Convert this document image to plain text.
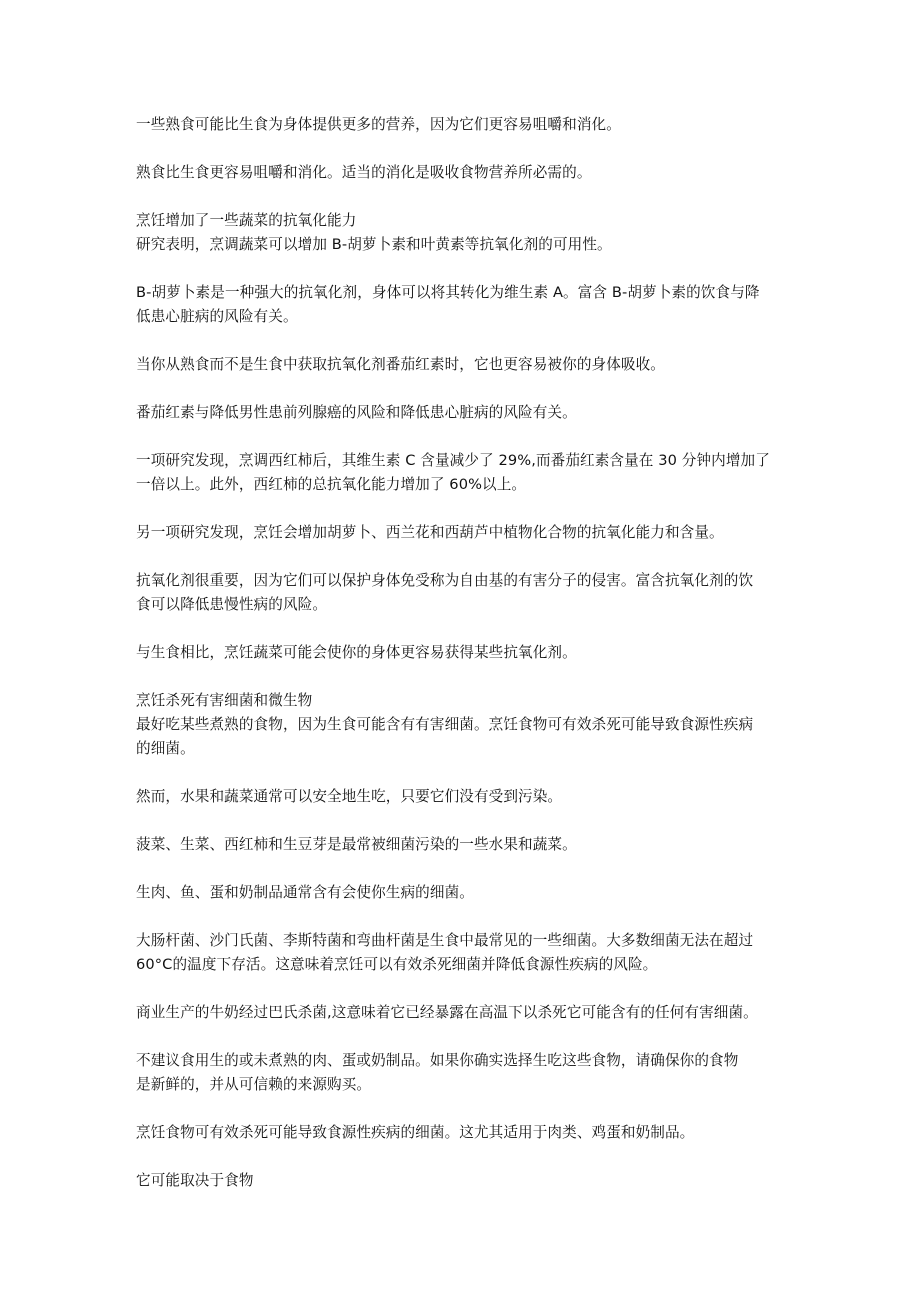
一些熟食可能比生食为身体提供更多的营养，因为它们更容易咀嚼和消化。

熟食比生食更容易咀嚼和消化。适当的消化是吸收食物营养所必需的。

烹饪增加了一些蔬菜的抗氧化能力
研究表明，烹调蔬菜可以增加 B-胡萝卜素和叶黄素等抗氧化剂的可用性。

B-胡萝卜素是一种强大的抗氧化剂，身体可以将其转化为维生素 A。富含 B-胡萝卜素的饮食与降
低患心脏病的风险有关。

当你从熟食而不是生食中获取抗氧化剂番茄红素时，它也更容易被你的身体吸收。

番茄红素与降低男性患前列腺癌的风险和降低患心脏病的风险有关。

一项研究发现，烹调西红柿后，其维生素 C 含量减少了 29%,而番茄红素含量在 30 分钟内增加了
一倍以上。此外，西红柿的总抗氧化能力增加了 60%以上。

另一项研究发现，烹饪会增加胡萝卜、西兰花和西葫芦中植物化合物的抗氧化能力和含量。

抗氧化剂很重要，因为它们可以保护身体免受称为自由基的有害分子的侵害。富含抗氧化剂的饮
食可以降低患慢性病的风险。

与生食相比，烹饪蔬菜可能会使你的身体更容易获得某些抗氧化剂。

烹饪杀死有害细菌和微生物
最好吃某些煮熟的食物，因为生食可能含有有害细菌。烹饪食物可有效杀死可能导致食源性疾病
的细菌。

然而，水果和蔬菜通常可以安全地生吃，只要它们没有受到污染。

菠菜、生菜、西红柿和生豆芽是最常被细菌污染的一些水果和蔬菜。

生肉、鱼、蛋和奶制品通常含有会使你生病的细菌。

大肠杆菌、沙门氏菌、李斯特菌和弯曲杆菌是生食中最常见的一些细菌。大多数细菌无法在超过
60°C的温度下存活。这意味着烹饪可以有效杀死细菌并降低食源性疾病的风险。

商业生产的牛奶经过巴氏杀菌,这意味着它已经暴露在高温下以杀死它可能含有的任何有害细菌。

不建议食用生的或未煮熟的肉、蛋或奶制品。如果你确实选择生吃这些食物，请确保你的食物
是新鲜的，并从可信赖的来源购买。

烹饪食物可有效杀死可能导致食源性疾病的细菌。这尤其适用于肉类、鸡蛋和奶制品。

它可能取决于食物
